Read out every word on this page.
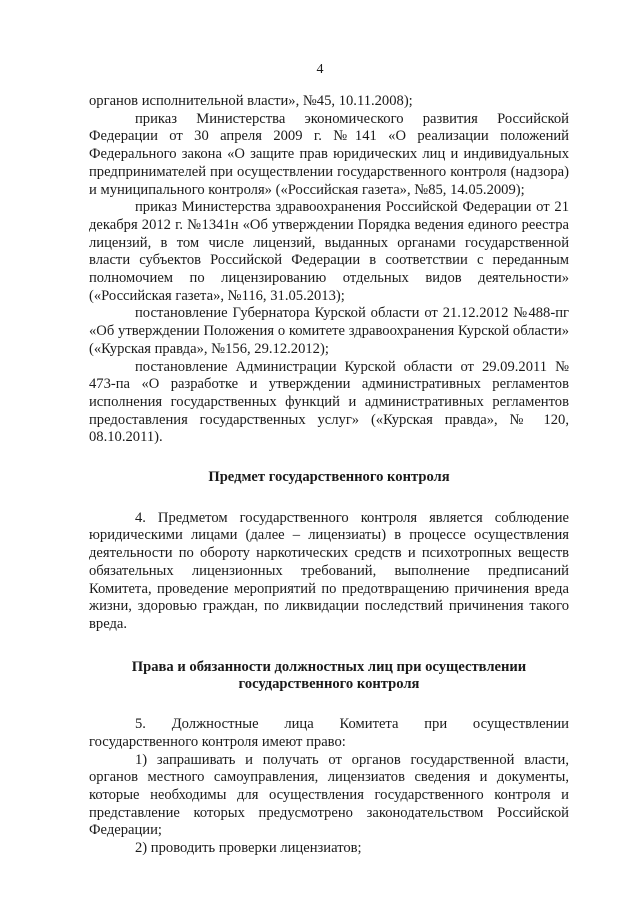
4

органов исполнительной власти», №45, 10.11.2008);

приказ Министерства экономического развития Российской Федерации от 30 апреля 2009 г. №141 «О реализации положений Федерального закона «О защите прав юридических лиц и индивидуальных предпринимателей при осуществлении государственного контроля (надзора) и муниципального контроля» («Российская газета», №85, 14.05.2009);

приказ Министерства здравоохранения Российской Федерации от 21 декабря 2012 г. №1341н «Об утверждении Порядка ведения единого реестра лицензий, в том числе лицензий, выданных органами государственной власти субъектов Российской Федерации в соответствии с переданным полномочием по лицензированию отдельных видов деятельности» («Российская газета», №116, 31.05.2013);

постановление Губернатора Курской области от 21.12.2012 №488-пг «Об утверждении Положения о комитете здравоохранения Курской области» («Курская правда», №156, 29.12.2012);

постановление Администрации Курской области от 29.09.2011 № 473-па «О разработке и утверждении административных регламентов исполнения государственных функций и административных регламентов предоставления государственных услуг» («Курская правда», № 120, 08.10.2011).

Предмет государственного контроля

4. Предметом государственного контроля является соблюдение юридическими лицами (далее – лицензиаты) в процессе осуществления деятельности по обороту наркотических средств и психотропных веществ обязательных лицензионных требований, выполнение предписаний Комитета, проведение мероприятий по предотвращению причинения вреда жизни, здоровью граждан, по ликвидации последствий причинения такого вреда.

Права и обязанности должностных лиц при осуществлении
государственного контроля

5. Должностные лица Комитета при осуществлении государственного контроля имеют право:

1) запрашивать и получать от органов государственной власти, органов местного самоуправления, лицензиатов сведения и документы, которые необходимы для осуществления государственного контроля и представление которых предусмотрено законодательством Российской Федерации;

2) проводить проверки лицензиатов;
